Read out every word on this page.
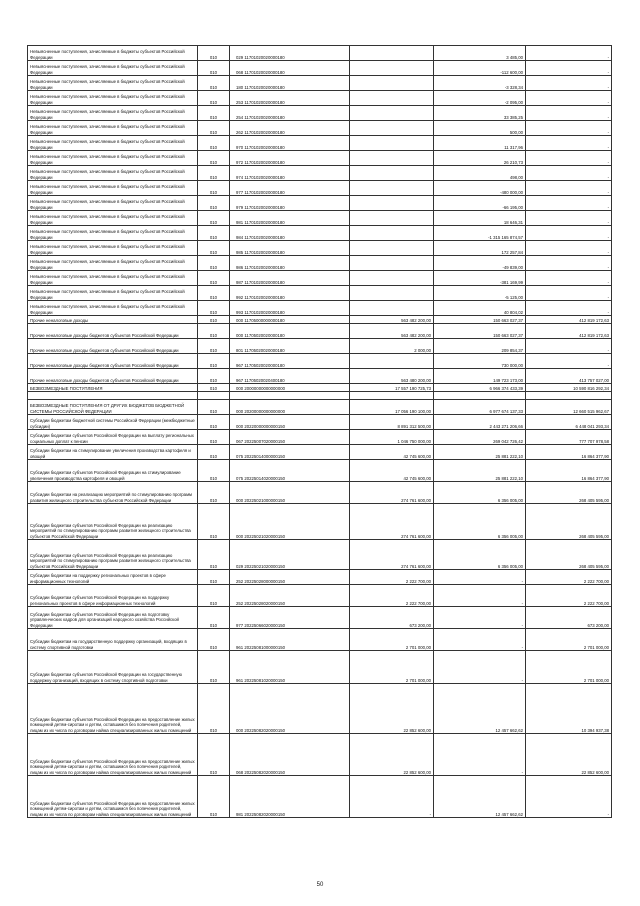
Невыясненные поступления, зачисляемые в бюджеты субъектов Российской Федерации	010	029 11701020020000180		3 485,00	-
Невыясненные поступления, зачисляемые в бюджеты субъектов Российской Федерации	010	068 11701020020000180		-112 600,00	-
Невыясненные поступления, зачисляемые в бюджеты субъектов Российской Федерации	010	180 11701020020000180		-3 328,34	-
Невыясненные поступления, зачисляемые в бюджеты субъектов Российской Федерации	010	253 11701020020000180		-2 095,00	-
Невыясненные поступления, зачисляемые в бюджеты субъектов Российской Федерации	010	254 11701020020000180		33 385,25	-
Невыясненные поступления, зачисляемые в бюджеты субъектов Российской Федерации	010	262 11701020020000180		500,00	-
Невыясненные поступления, зачисляемые в бюджеты субъектов Российской Федерации	010	970 11701020020000180		11 317,96	-
Невыясненные поступления, зачисляемые в бюджеты субъектов Российской Федерации	010	972 11701020020000180		26 210,73	-
Невыясненные поступления, зачисляемые в бюджеты субъектов Российской Федерации	010	974 11701020020000180		498,00	-
Невыясненные поступления, зачисляемые в бюджеты субъектов Российской Федерации	010	977 11701020020000180		-480 000,00	-
Невыясненные поступления, зачисляемые в бюджеты субъектов Российской Федерации	010	979 11701020020000180		-66 195,00	-
Невыясненные поступления, зачисляемые в бюджеты субъектов Российской Федерации	010	981 11701020020000180		18 646,31	-
Невыясненные поступления, зачисляемые в бюджеты субъектов Российской Федерации	010	984 11701020020000180		-1 315 165 874,57	-
Невыясненные поступления, зачисляемые в бюджеты субъектов Российской Федерации	010	985 11701020020000180		172 257,84	-
Невыясненные поступления, зачисляемые в бюджеты субъектов Российской Федерации	010	986 11701020020000180		-49 839,00	-
Невыясненные поступления, зачисляемые в бюджеты субъектов Российской Федерации	010	987 11701020020000180		-381 169,99	-
Невыясненные поступления, зачисляемые в бюджеты субъектов Российской Федерации	010	992 11701020020000180		-5 125,00	-
Невыясненные поступления, зачисляемые в бюджеты субъектов Российской Федерации	010	993 11701020020000180		40 804,02	-
Прочие неналоговые доходы	010	000 11705000000000180	563 482 200,00	150 663 027,37	412 819 172,63
Прочие неналоговые доходы бюджетов субъектов Российской Федерации	010	000 11705020020000180	563 482 200,00	150 663 027,37	412 819 172,63
Прочие неналоговые доходы бюджетов субъектов Российской Федерации	010	801 11705020020000180	2 000,00	209 854,37	-
Прочие неналоговые доходы бюджетов субъектов Российской Федерации	010	967 11705020020000180		730 000,00	-
Прочие неналоговые доходы бюджетов субъектов Российской Федерации	010	967 11705020020400180	563 480 200,00	149 723 173,00	413 757 027,00
БЕЗВОЗМЕЗДНЫЕ ПОСТУПЛЕНИЯ	010	000 20000000000000000	17 557 190 725,73	6 966 374 433,39	10 590 816 292,34

БЕЗВОЗМЕЗДНЫЕ ПОСТУПЛЕНИЯ ОТ ДРУГИХ БЮДЖЕТОВ БЮДЖЕТНОЙ СИСТЕМЫ РОССИЙСКОЙ ФЕДЕРАЦИИ	010	000 20200000000000000	17 056 190 100,00	6 977 674 137,33	12 660 515 962,67
Субсидии бюджетам бюджетной системы Российской Федерации (межбюджетные субсидии)	010	000 20220000000000150	8 891 312 500,00	2 443 271 206,66	6 448 041 293,34
Субсидии бюджетам субъектов Российской Федерации на выплату региональных социальных доплат к пенсии	010	067 20225007020000150	1 046 750 000,00	269 042 726,42	777 707 978,58
Субсидии бюджетам на стимулирование увеличения производства картофеля и овощей	010	075 20225014000000150	42 745 600,00	25 881 222,10	16 864 377,90
Субсидии бюджетам субъектов Российской Федерации на стимулирование увеличения производства картофеля и овощей	010	075 20225014020000150	42 745 600,00	25 881 222,10	16 864 377,90
Субсидии бюджетам на реализацию мероприятий по стимулированию программ развития жилищного строительства субъектов Российской Федерации	010	000 20225021000000150	274 761 600,00	6 356 005,00	268 405 595,00
Субсидии бюджетам субъектов Российской Федерации на реализацию мероприятий по стимулированию программ развития жилищного строительства субъектов Российской Федерации	010	000 20225021020000150	274 761 600,00	6 356 005,00	268 405 595,00
Субсидии бюджетам субъектов Российской Федерации на реализацию мероприятий по стимулированию программ развития жилищного строительства субъектов Российской Федерации	010	029 20225021020000150	274 761 600,00	6 356 005,00	268 405 595,00
Субсидии бюджетам на поддержку региональных проектов в сфере информационных технологий	010	252 20225028000000150	2 222 700,00	-	2 222 700,00
Субсидии бюджетам субъектов Российской Федерации на поддержку региональных проектов в сфере информационных технологий	010	252 20225028020000150	2 222 700,00	-	2 222 700,00
Субсидии бюджетам субъектов Российской Федерации на подготовку управленческих кадров для организаций народного хозяйства Российской Федерации	010	977 20225066020000150	673 200,00	-	673 200,00
Субсидии бюджетам на государственную поддержку организаций, входящих в систему спортивной подготовки	010	961 20225081000000150	2 701 000,00	-	2 701 000,00
Субсидии бюджетам субъектов Российской Федерации на государственную поддержку организаций, входящих в систему спортивной подготовки	010	961 20225081020000150	2 701 000,00	-	2 701 000,00
Субсидии бюджетам субъектов Российской Федерации на предоставление жилых помещений детям-сиротам и детям, оставшимся без попечения родителей, лицам из их числа по договорам найма специализированных жилых помещений	010	000 20225082020000150	22 852 600,00	12 457 662,62	10 394 937,38
Субсидии бюджетам субъектов Российской Федерации на предоставление жилых помещений детям-сиротам и детям, оставшимся без попечения родителей, лицам из их числа по договорам найма специализированных жилых помещений	010	068 20225082020000150	22 852 600,00	-	22 852 600,00
Субсидии бюджетам субъектов Российской Федерации на предоставление жилых помещений детям-сиротам и детям, оставшимся без попечения родителей, лицам из их числа по договорам найма специализированных жилых помещений	010	981 20225082020000150	-	12 457 662,62	-
50
